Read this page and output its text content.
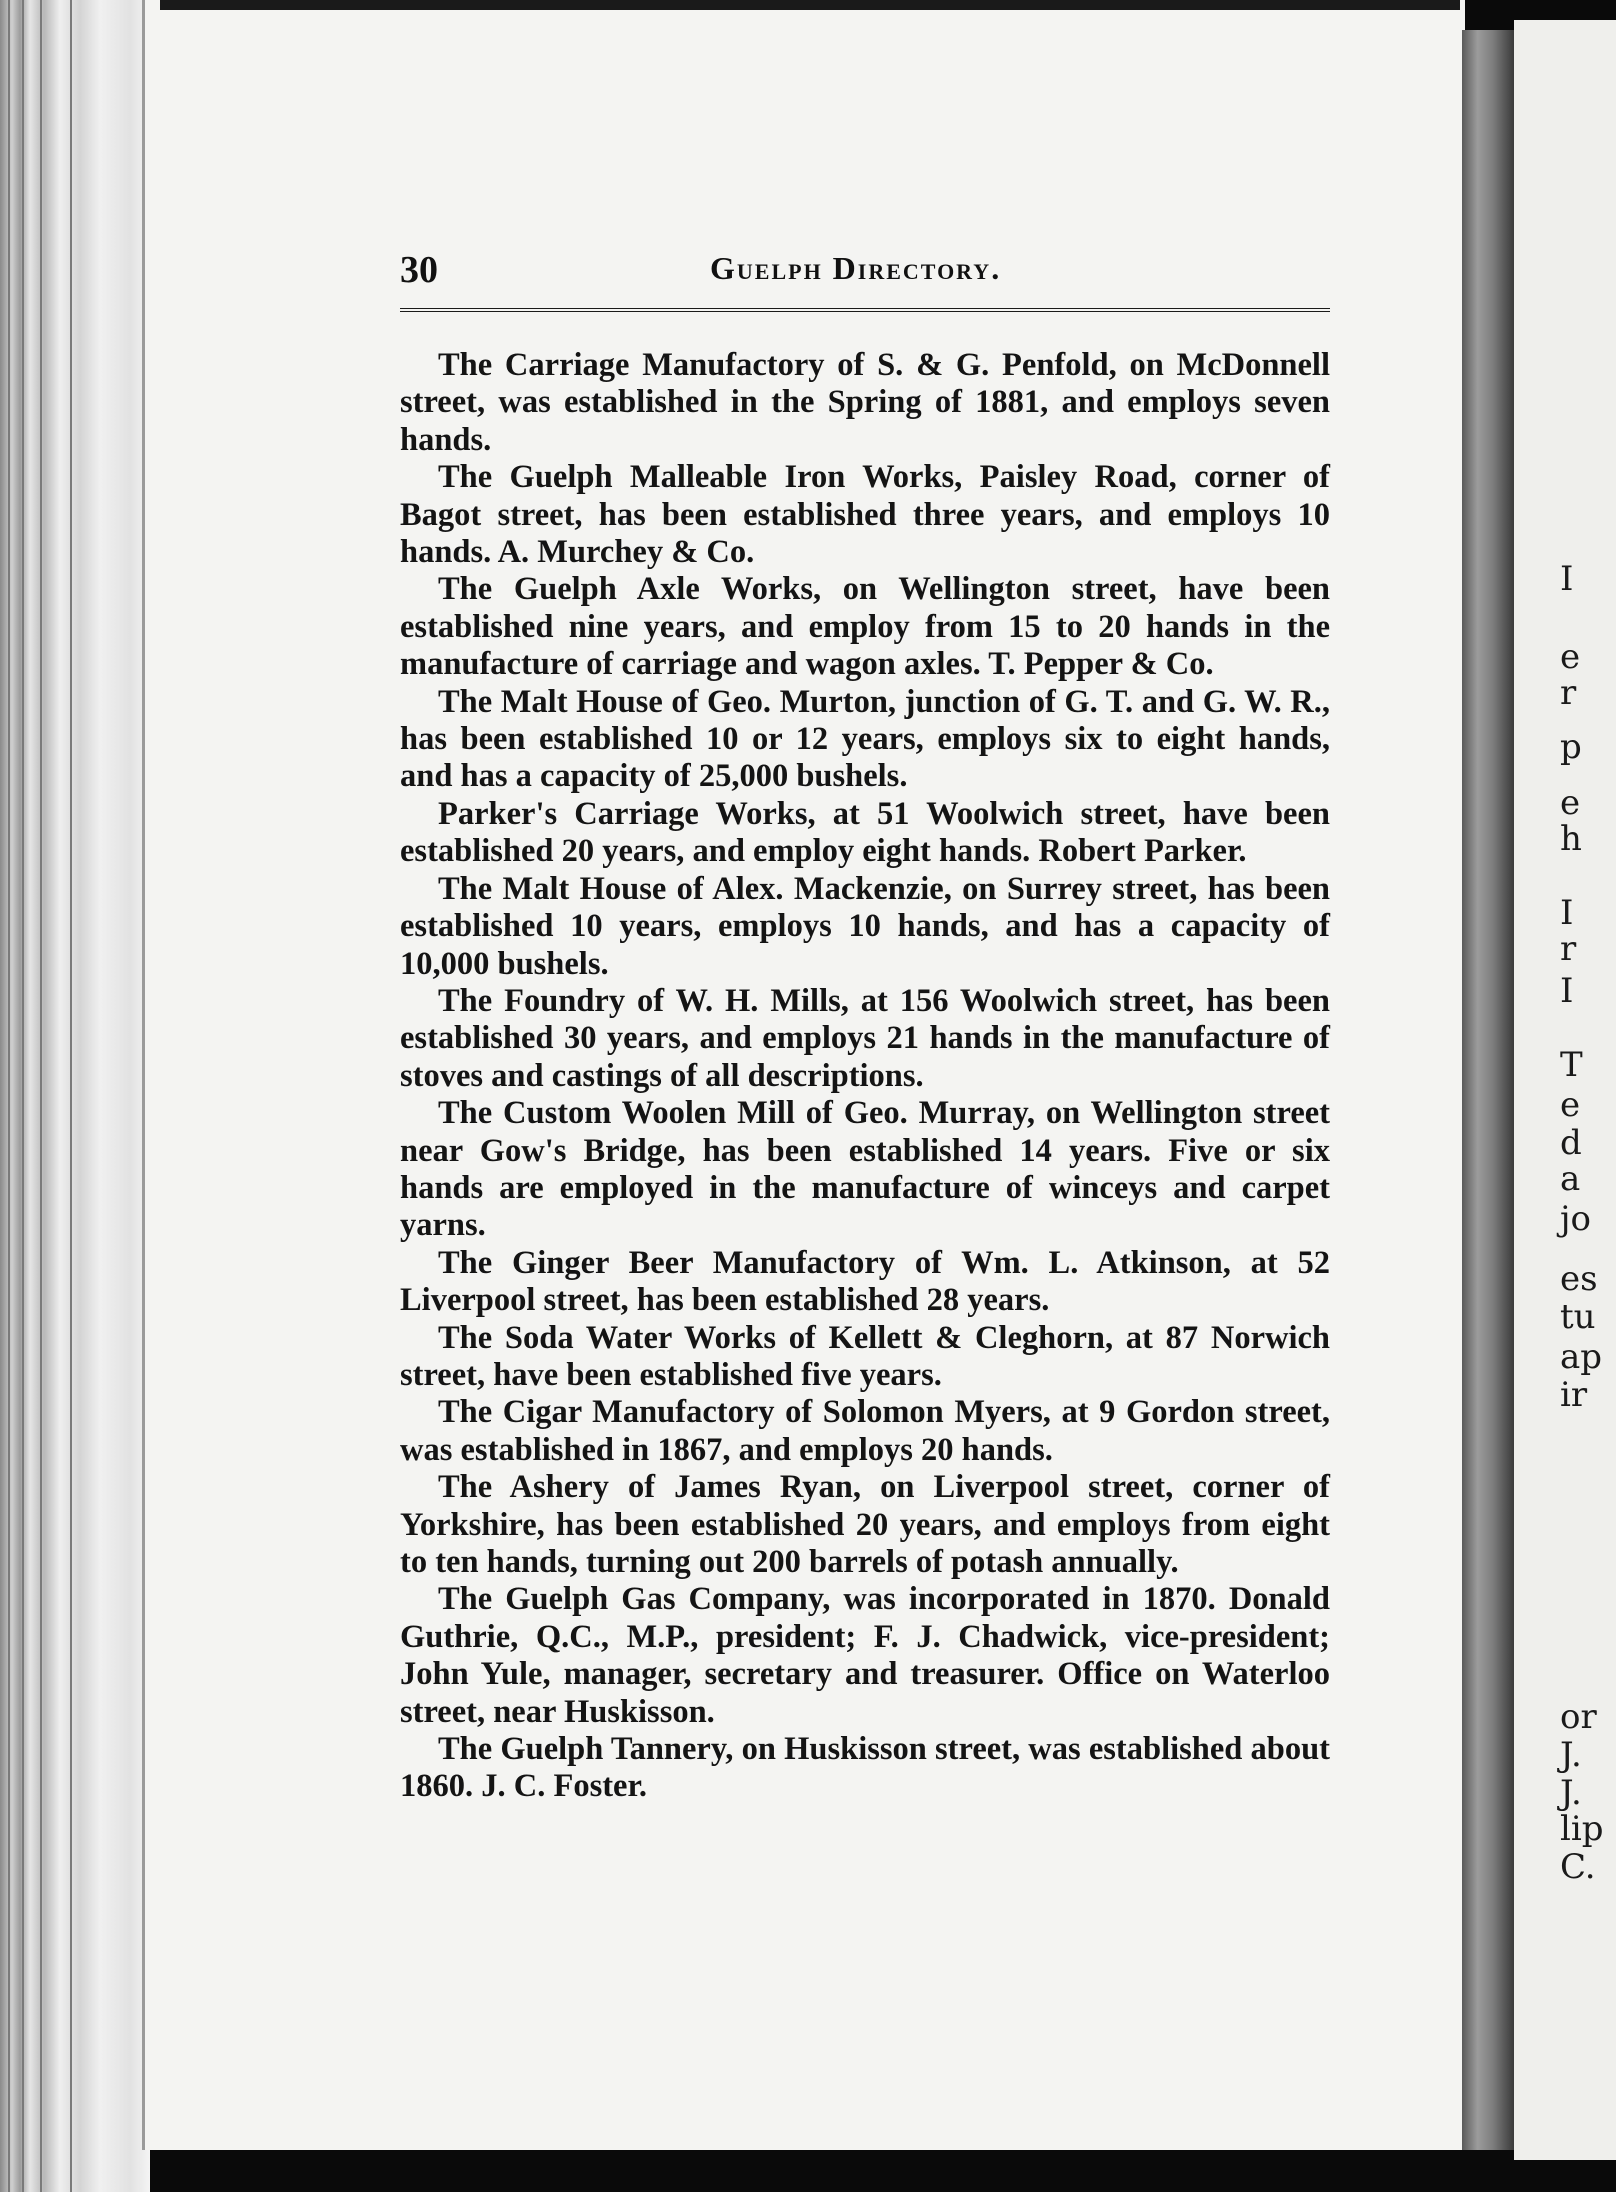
I
e
r
p
e
h
I
r
I
T
e
d
a
jo
es
tu
ap
ir
or
J.
J.
lip
C.
30	Guelph Directory.

The Carriage Manufactory of S. & G. Penfold, on McDonnell street, was established in the Spring of 1881, and employs seven hands.

The Guelph Malleable Iron Works, Paisley Road, corner of Bagot street, has been established three years, and employs 10 hands. A. Murchey & Co.

The Guelph Axle Works, on Wellington street, have been established nine years, and employ from 15 to 20 hands in the manufacture of carriage and wagon axles. T. Pepper & Co.

The Malt House of Geo. Murton, junction of G. T. and G. W. R., has been established 10 or 12 years, employs six to eight hands, and has a capacity of 25,000 bushels.

Parker's Carriage Works, at 51 Woolwich street, have been established 20 years, and employ eight hands. Robert Parker.

The Malt House of Alex. Mackenzie, on Surrey street, has been established 10 years, employs 10 hands, and has a capacity of 10,000 bushels.

The Foundry of W. H. Mills, at 156 Woolwich street, has been established 30 years, and employs 21 hands in the manufacture of stoves and castings of all descriptions.

The Custom Woolen Mill of Geo. Murray, on Wellington street near Gow's Bridge, has been established 14 years. Five or six hands are employed in the manufacture of winceys and carpet yarns.

The Ginger Beer Manufactory of Wm. L. Atkinson, at 52 Liverpool street, has been established 28 years.

The Soda Water Works of Kellett & Cleghorn, at 87 Norwich street, have been established five years.

The Cigar Manufactory of Solomon Myers, at 9 Gordon street, was established in 1867, and employs 20 hands.

The Ashery of James Ryan, on Liverpool street, corner of Yorkshire, has been established 20 years, and employs from eight to ten hands, turning out 200 barrels of potash annually.

The Guelph Gas Company, was incorporated in 1870. Donald Guthrie, Q.C., M.P., president; F. J. Chadwick, vice-president; John Yule, manager, secretary and treasurer. Office on Waterloo street, near Huskisson.

The Guelph Tannery, on Huskisson street, was established about 1860. J. C. Foster.
